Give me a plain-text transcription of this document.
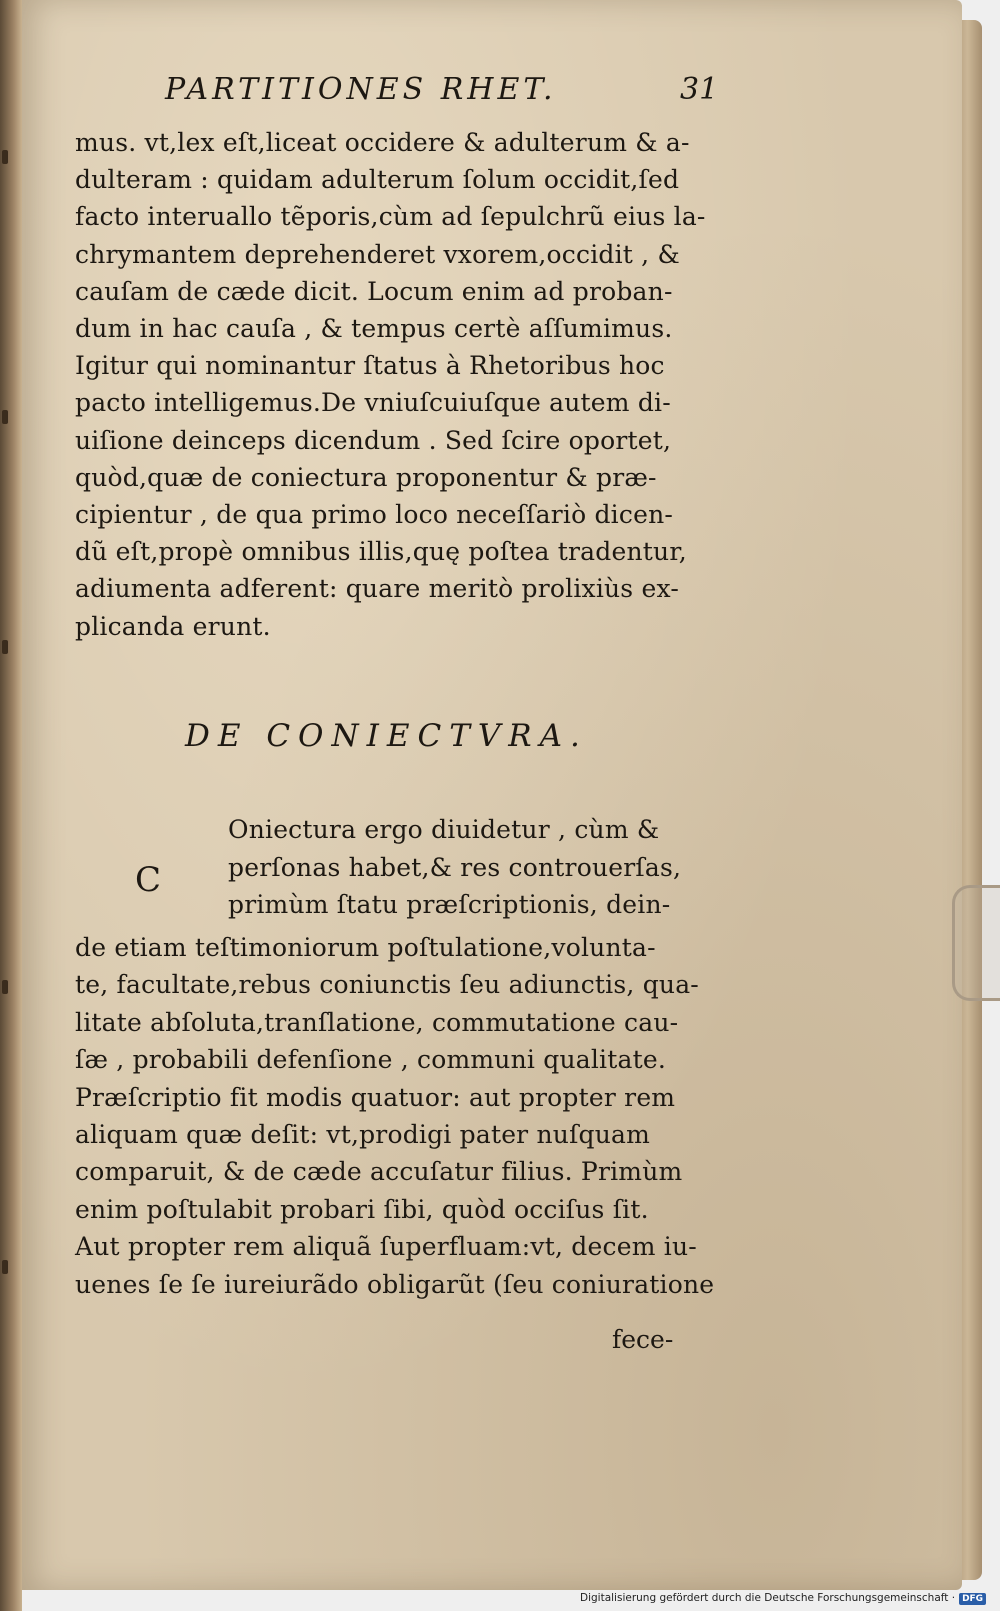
PARTITIONES RHET.	31
mus. vt,lex eſt,liceat occidere & adulterum & a-
dulteram : quidam adulterum ſolum occidit,ſed
facto interuallo tẽporis,cùm ad ſepulchrũ eius la-
chrymantem deprehenderet vxorem,occidit , &
cauſam de cæde dicit. Locum enim ad proban-
dum in hac cauſa , & tempus certè aſſumimus.
Igitur qui nominantur ſtatus à Rhetoribus hoc
pacto intelligemus.De vniuſcuiuſque autem di-
uiſione deinceps dicendum . Sed ſcire oportet,
quòd,quæ de coniectura proponentur & præ-
cipientur , de qua primo loco neceſſariò dicen-
dũ eſt,propè omnibus illis,quę poſtea tradentur,
adiumenta adferent: quare meritò prolixiùs ex-
plicanda erunt.
DE CONIECTVRA.
C
Oniectura ergo diuidetur , cùm &
perſonas habet,& res controuerſas,
primùm ſtatu præſcriptionis, dein-
de etiam teſtimoniorum poſtulatione,volunta-
te, facultate,rebus coniunctis ſeu adiunctis, qua-
litate abſoluta,tranſlatione, commutatione cau-
ſæ , probabili defenſione , communi qualitate.
Præſcriptio fit modis quatuor: aut propter rem
aliquam quæ deſit: vt,prodigi pater nuſquam
comparuit, & de cæde accuſatur filius. Primùm
enim poſtulabit probari ſibi, quòd occiſus ſit.
Aut propter rem aliquã ſuperfluam:vt, decem iu-
uenes ſe ſe iureiurãdo obligarũt (ſeu coniuratione
fece-
Digitalisierung gefördert durch die Deutsche Forschungsgemeinschaft · DFG
